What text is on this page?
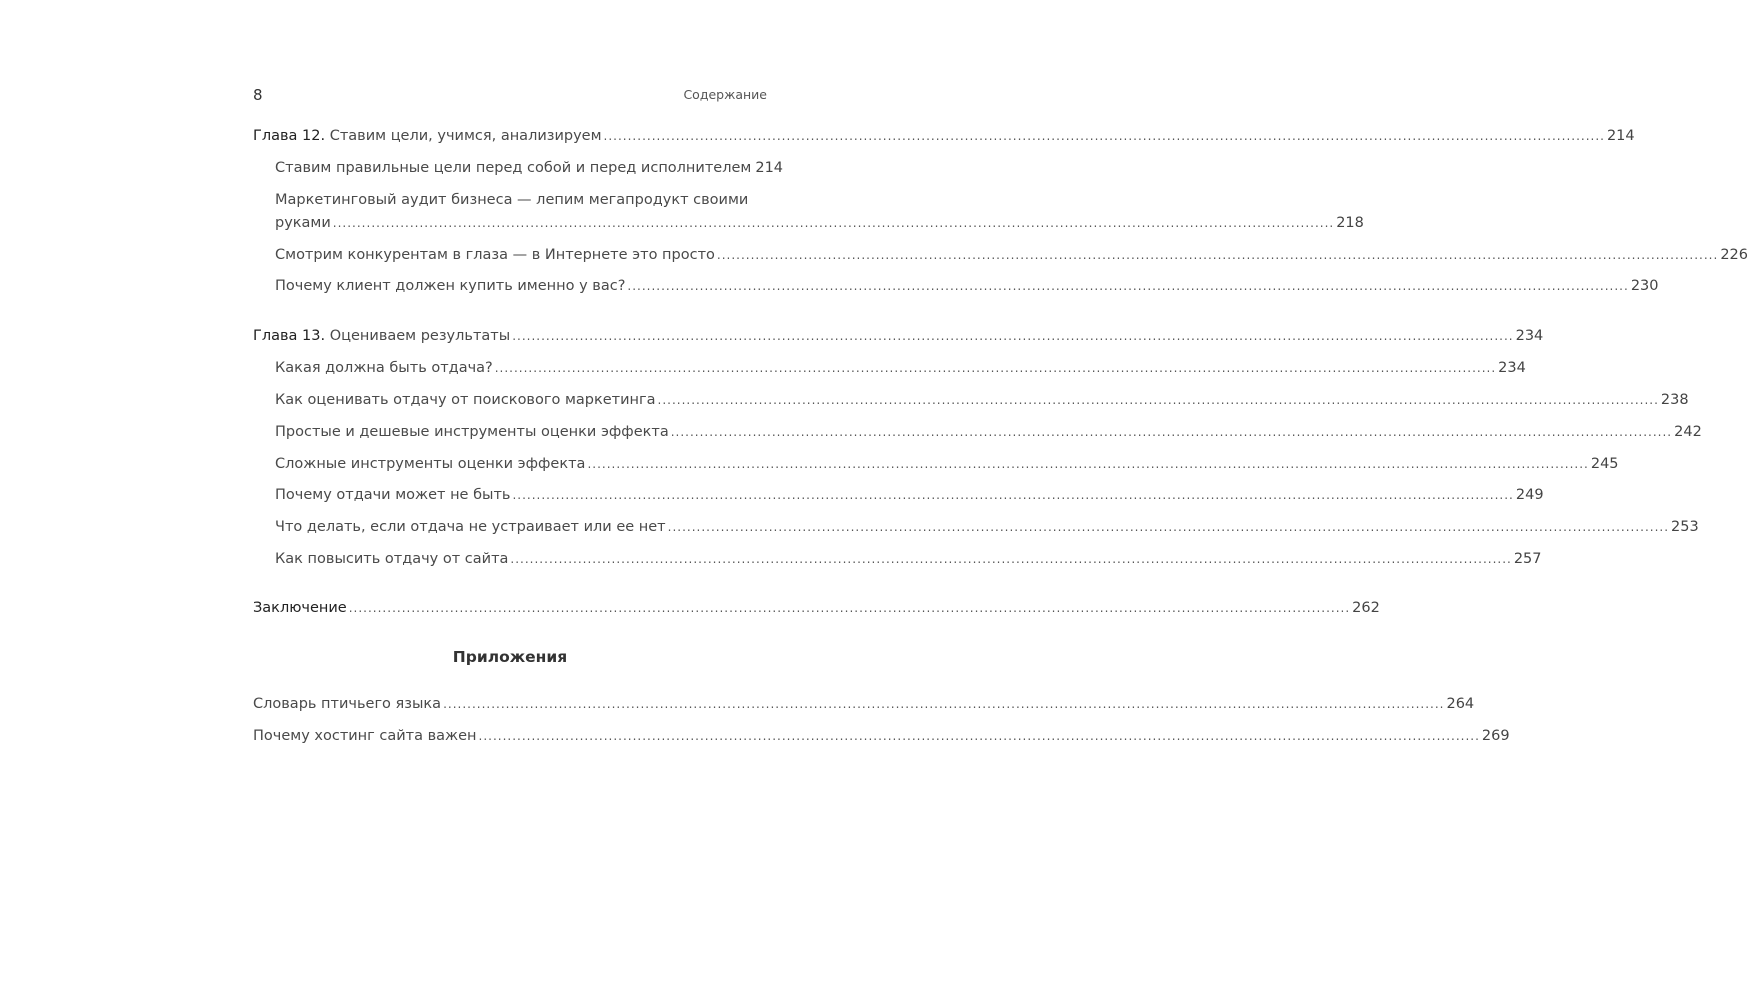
8	Содержание
Глава 12. Ставим цели, учимся, анализируем .....	214
Ставим правильные цели перед собой и перед исполнителем 214
Маркетинговый аудит бизнеса — лепим мегапродукт своими
руками .....	218
Смотрим конкурентам в глаза — в Интернете это просто .....	226
Почему клиент должен купить именно у вас? .....	230
Глава 13. Оцениваем результаты .....	234
Какая должна быть отдача? .....	234
Как оценивать отдачу от поискового маркетинга .....	238
Простые и дешевые инструменты оценки эффекта .....	242
Сложные инструменты оценки эффекта .....	245
Почему отдачи может не быть .....	249
Что делать, если отдача не устраивает или ее нет .....	253
Как повысить отдачу от сайта .....	257
Заключение .....	262
Приложения
Словарь птичьего языка .....	264
Почему хостинг сайта важен .....	269
